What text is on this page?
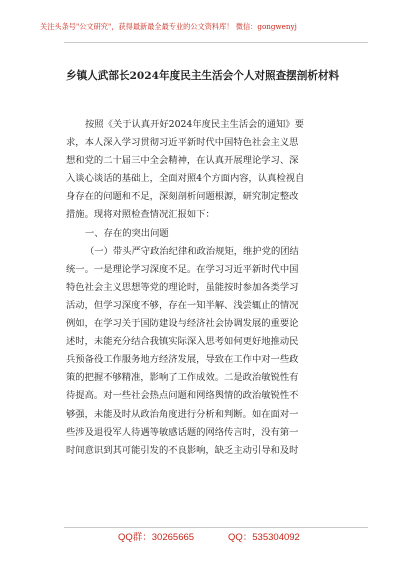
关注头条号"公文研究"，获得最新最全最专业的公文资料库！ 微信：gongwenyj
乡镇人武部长2024年度民主生活会个人对照查摆剖析材料

按照《关于认真开好2024年度民主生活会的通知》要

求，本人深入学习贯彻习近平新时代中国特色社会主义思

想和党的二十届三中全会精神，在认真开展理论学习、深

入谈心谈话的基础上，全面对照4个方面内容，认真检视自

身存在的问题和不足，深刻剖析问题根源，研究制定整改

措施。现将对照检查情况汇报如下：

一、存在的突出问题

（一）带头严守政治纪律和政治规矩，维护党的团结

统一。一是理论学习深度不足。在学习习近平新时代中国

特色社会主义思想等党的理论时，虽能按时参加各类学习

活动，但学习深度不够，存在一知半解、浅尝辄止的情况

例如，在学习关于国防建设与经济社会协调发展的重要论

述时，未能充分结合我镇实际深入思考如何更好地推动民

兵预备役工作服务地方经济发展，导致在工作中对一些政

策的把握不够精准，影响了工作成效。二是政治敏锐性有

待提高。对一些社会热点问题和网络舆情的政治敏锐性不

够强，未能及时从政治角度进行分析和判断。如在面对一

些涉及退役军人待遇等敏感话题的网络传言时，没有第一

时间意识到其可能引发的不良影响，缺乏主动引导和及时

QQ群：30265665	QQ：535304092
